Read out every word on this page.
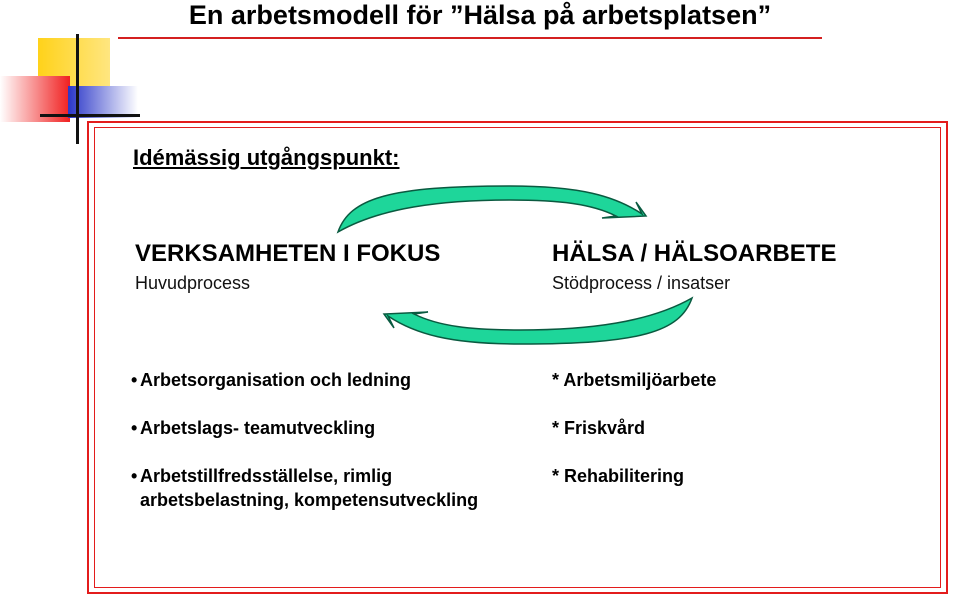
En arbetsmodell för ”Hälsa på arbetsplatsen”
Idémässig utgångspunkt:
VERKSAMHETEN I FOKUS
Huvudprocess
HÄLSA / HÄLSOARBETE
Stödprocess / insatser
• Arbetsorganisation och ledning
• Arbetslags- teamutveckling
• Arbetstillfredsställelse, rimlig
arbetsbelastning, kompetensutveckling
* Arbetsmiljöarbete
* Friskvård
* Rehabilitering
